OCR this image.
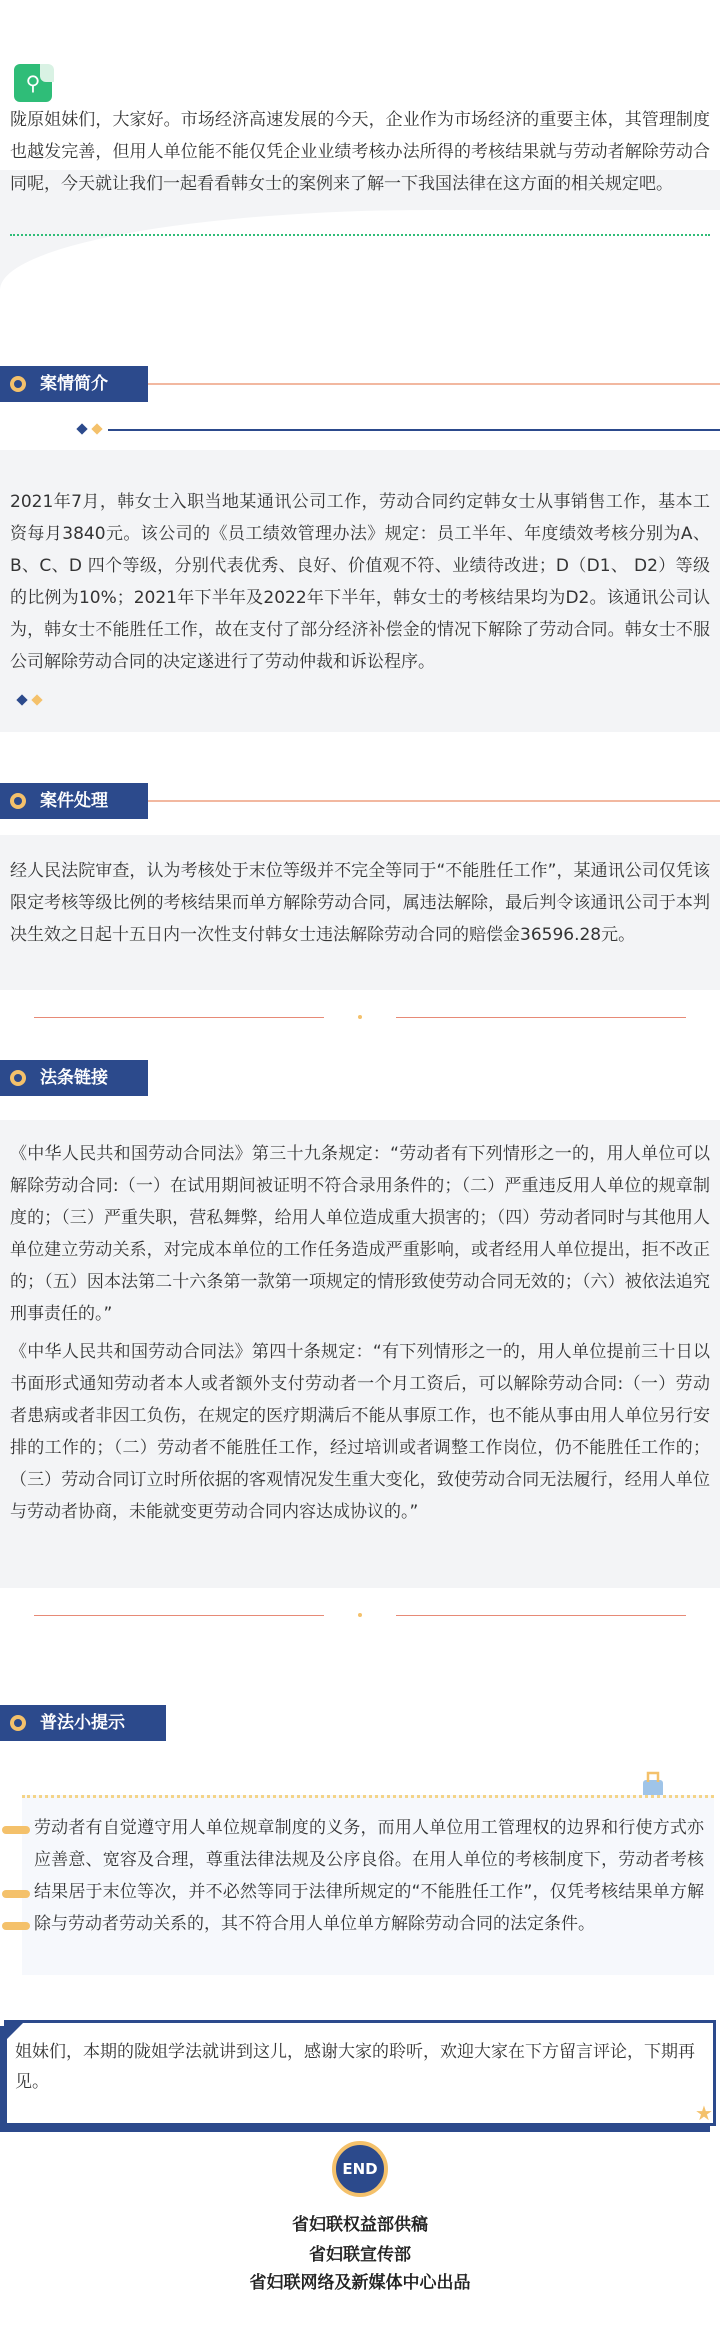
⚲
陇原姐妹们，大家好。市场经济高速发展的今天，企业作为市场经济的重要主体，其管理制度也越发完善，但用人单位能不能仅凭企业业绩考核办法所得的考核结果就与劳动者解除劳动合同呢，今天就让我们一起看看韩女士的案例来了解一下我国法律在这方面的相关规定吧。
案情简介
2021年7月，韩女士入职当地某通讯公司工作，劳动合同约定韩女士从事销售工作，基本工资每月3840元。该公司的《员工绩效管理办法》规定：员工半年、年度绩效考核分别为A、B、C、D 四个等级，分别代表优秀、良好、价值观不符、业绩待改进；D（D1、 D2）等级的比例为10%；2021年下半年及2022年下半年，韩女士的考核结果均为D2。该通讯公司认为，韩女士不能胜任工作，故在支付了部分经济补偿金的情况下解除了劳动合同。韩女士不服公司解除劳动合同的决定遂进行了劳动仲裁和诉讼程序。
案件处理
经人民法院审查，认为考核处于末位等级并不完全等同于“不能胜任工作”，某通讯公司仅凭该限定考核等级比例的考核结果而单方解除劳动合同，属违法解除，最后判令该通讯公司于本判决生效之日起十五日内一次性支付韩女士违法解除劳动合同的赔偿金36596.28元。
法条链接
《中华人民共和国劳动合同法》第三十九条规定：“劳动者有下列情形之一的，用人单位可以解除劳动合同:（一）在试用期间被证明不符合录用条件的；（二）严重违反用人单位的规章制度的；（三）严重失职，营私舞弊，给用人单位造成重大损害的；（四）劳动者同时与其他用人单位建立劳动关系，对完成本单位的工作任务造成严重影响，或者经用人单位提出，拒不改正的；（五）因本法第二十六条第一款第一项规定的情形致使劳动合同无效的；（六）被依法追究刑事责任的。”
《中华人民共和国劳动合同法》第四十条规定：“有下列情形之一的，用人单位提前三十日以书面形式通知劳动者本人或者额外支付劳动者一个月工资后，可以解除劳动合同:（一）劳动者患病或者非因工负伤，在规定的医疗期满后不能从事原工作，也不能从事由用人单位另行安排的工作的；（二）劳动者不能胜任工作，经过培训或者调整工作岗位，仍不能胜任工作的；（三）劳动合同订立时所依据的客观情况发生重大变化，致使劳动合同无法履行，经用人单位与劳动者协商，未能就变更劳动合同内容达成协议的。”
普法小提示
劳动者有自觉遵守用人单位规章制度的义务，而用人单位用工管理权的边界和行使方式亦应善意、宽容及合理，尊重法律法规及公序良俗。在用人单位的考核制度下，劳动者考核结果居于末位等次，并不必然等同于法律所规定的“不能胜任工作”，仅凭考核结果单方解除与劳动者劳动关系的，其不符合用人单位单方解除劳动合同的法定条件。
姐妹们，本期的陇姐学法就讲到这儿，感谢大家的聆听，欢迎大家在下方留言评论，下期再见。
★
END
省妇联权益部供稿
省妇联宣传部
省妇联网络及新媒体中心出品
